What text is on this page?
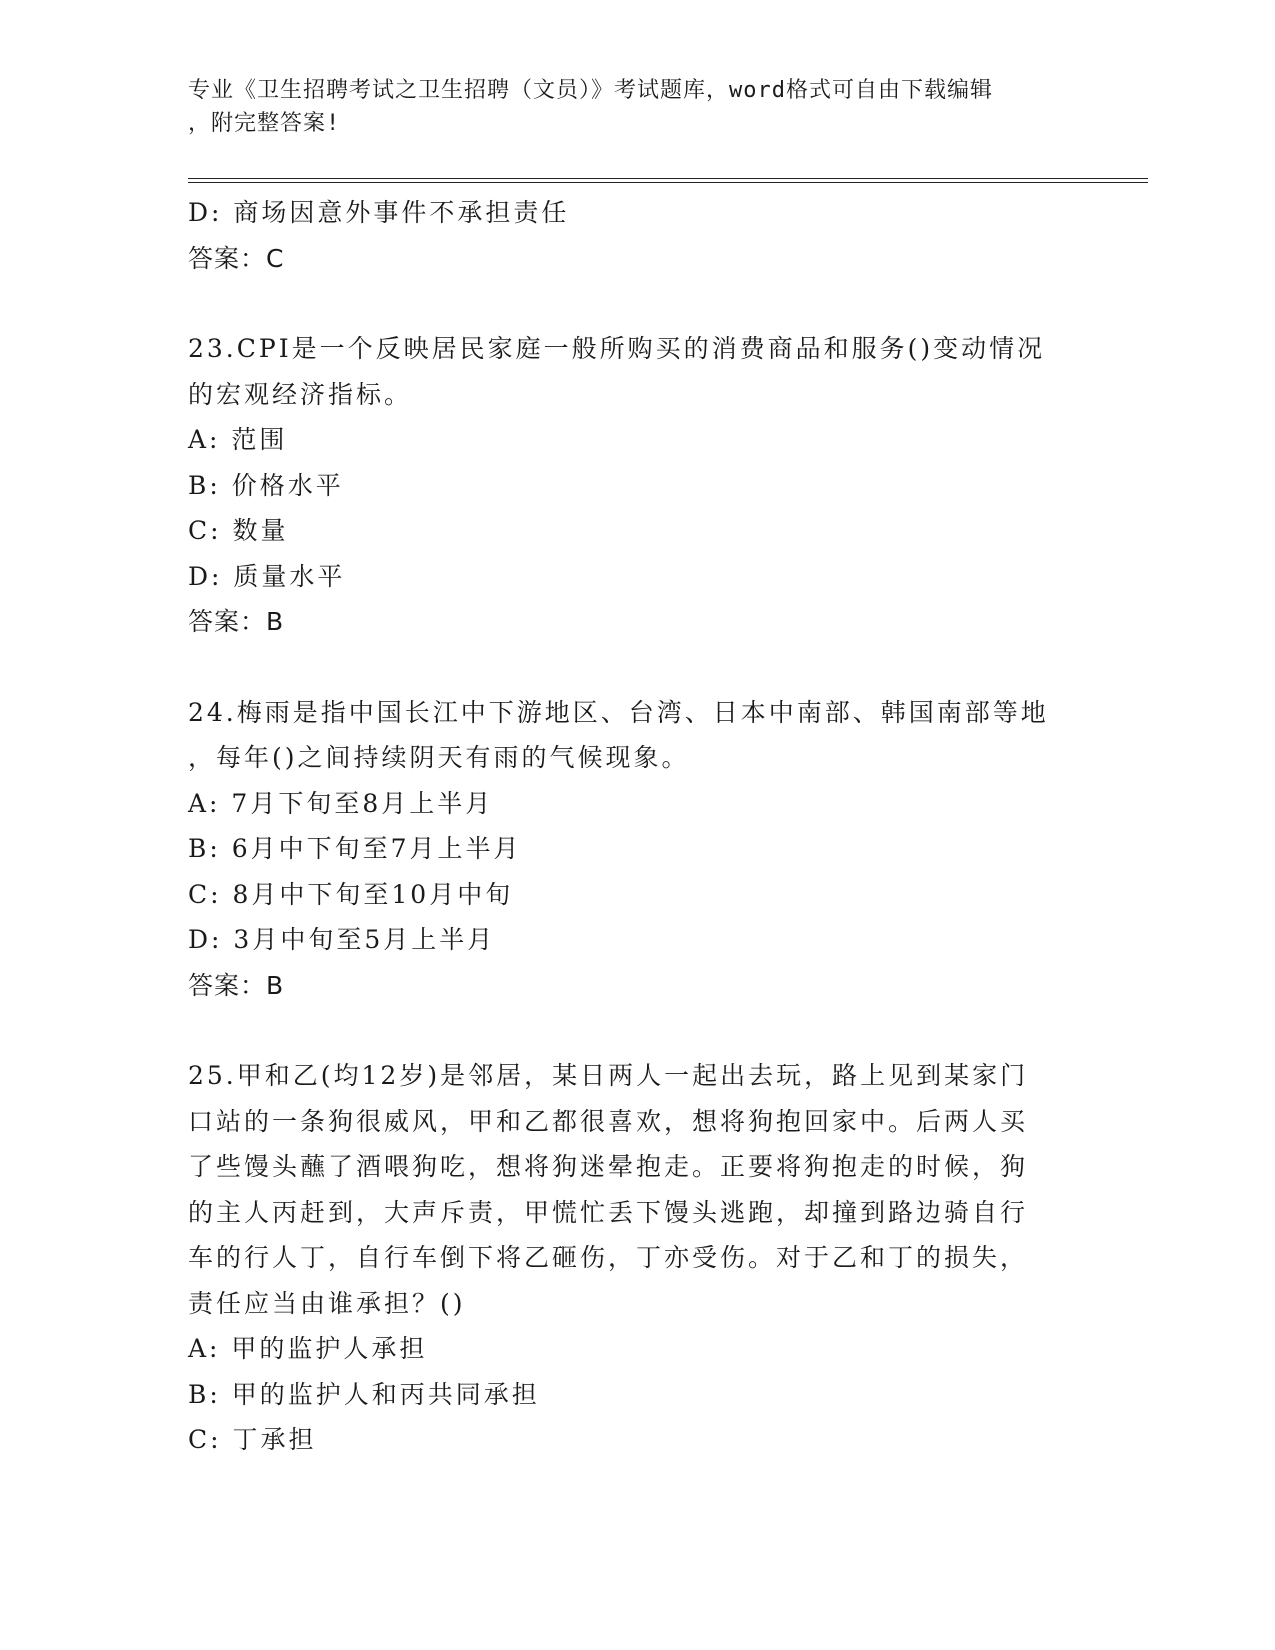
专业《卫生招聘考试之卫生招聘（文员）》考试题库，word格式可自由下载编辑
，附完整答案!
D: 商场因意外事件不承担责任
答案：C
23.CPI是一个反映居民家庭一般所购买的消费商品和服务()变动情况
的宏观经济指标。
A: 范围
B: 价格水平
C: 数量
D: 质量水平
答案：B
24.梅雨是指中国长江中下游地区、台湾、日本中南部、韩国南部等地
，每年()之间持续阴天有雨的气候现象。
A: 7月下旬至8月上半月
B: 6月中下旬至7月上半月
C: 8月中下旬至10月中旬
D: 3月中旬至5月上半月
答案：B
25.甲和乙(均12岁)是邻居，某日两人一起出去玩，路上见到某家门
口站的一条狗很威风，甲和乙都很喜欢，想将狗抱回家中。后两人买
了些馒头蘸了酒喂狗吃，想将狗迷晕抱走。正要将狗抱走的时候，狗
的主人丙赶到，大声斥责，甲慌忙丢下馒头逃跑，却撞到路边骑自行
车的行人丁，自行车倒下将乙砸伤，丁亦受伤。对于乙和丁的损失，
责任应当由谁承担？()
A: 甲的监护人承担
B: 甲的监护人和丙共同承担
C: 丁承担
